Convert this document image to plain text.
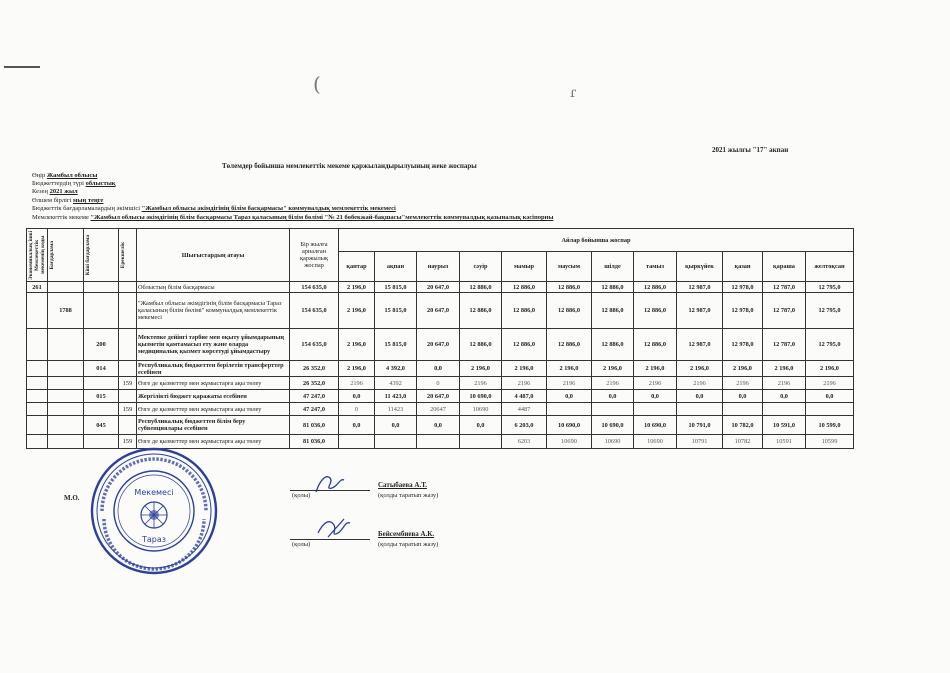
(	ɾ
2021 жылғы "17" акпан
Төлемдер бойынша мемлекеттік мекеме қаржыландырылуының жеке жоспары
Өңір Жамбыл облысы
Бюджеттердің түрі облыстық
Кезең 2021 жыл
Өлшем бірлігі мың теңге
Бюджеттік бағдарламалардың әкімшісі "Жамбыл облысы әкімдігінің білім басқармасы" коммуналдық мемлекеттік мекемесі
Мемлекеттік мекеме "Жамбыл облысы әкімдігінің білім басқармасы Тараз қаласының білім бөлімі "№ 21 бөбекжай-бақшасы"мемлекеттік коммуналдық қазыналық кәсіпорны
Экономикалық ішкі Мемлекеттік мекеменің коды	Бағдарлама	Кіші бағдарлама	Ерекшелік	Шығыстардың атауы	Бір жылға арналған қаржылық жоспар	Айлар бойынша жоспар											
						қантар	ақпан	наурыз	сәуір	мамыр	маусым	шілде	тамыз	қыркүйек	қазан	қараша	желтоқсан
261				Облыстың білім басқармасы	154 635,0	2 196,0	15 815,0	20 647,0	12 886,0	12 886,0	12 886,0	12 886,0	12 886,0	12 987,0	12 978,0	12 787,0	12 795,0
	1788			"Жамбыл облысы әкімдігінің білім басқармасы Тараз қаласының білім бөлімі" коммуналдық мемлекеттік мекемесі	154 635,0	2 196,0	15 815,0	20 647,0	12 886,0	12 886,0	12 886,0	12 886,0	12 886,0	12 987,0	12 978,0	12 787,0	12 795,0
		200		Мектепке дейінгі тәрбие мен оқыту ұйымдарының қызметін қамтамасыз ету және оларда медициналық қызмет көрсетуді ұйымдастыру	154 635,0	2 196,0	15 815,0	20 647,0	12 886,0	12 886,0	12 886,0	12 886,0	12 886,0	12 987,0	12 978,0	12 787,0	12 795,0
		014		Республикалық бюджеттен берілетін трансферттер есебінен	26 352,0	2 196,0	4 392,0	0,0	2 196,0	2 196,0	2 196,0	2 196,0	2 196,0	2 196,0	2 196,0	2 196,0	2 196,0
			159	Өзге де қызметтер мен жұмыстарға ақы төлеу	26 352,0	2196	4392	0	2196	2196	2196	2196	2196	2196	2196	2196	2196
		015		Жергілікті бюджет қаражаты есебінен	47 247,0	0,0	11 423,0	20 647,0	10 690,0	4 487,0	0,0	0,0	0,0	0,0	0,0	0,0	0,0
			159	Өзге де қызметтер мен жұмыстарға ақы төлеу	47 247,0	0	11423	20647	10690	4487							
		045		Республикалық бюджеттен білім беру субвенциялары есебінен	81 036,0	0,0	0,0	0,0	0,0	6 203,0	10 690,0	10 690,0	10 690,0	10 791,0	10 782,0	10 591,0	10 599,0
			159	Өзге де қызметтер мен жұмыстарға ақы төлеу	81 036,0					6203	10690	10690	10690	10791	10782	10591	10599
М.О.
Мекемесі
Тараз
(қолы)
Сатыбаева А.Т.
(қолды таратып жазу)
(қолы)
Бейсембиева А.К.
(қолды таратып жазу)
